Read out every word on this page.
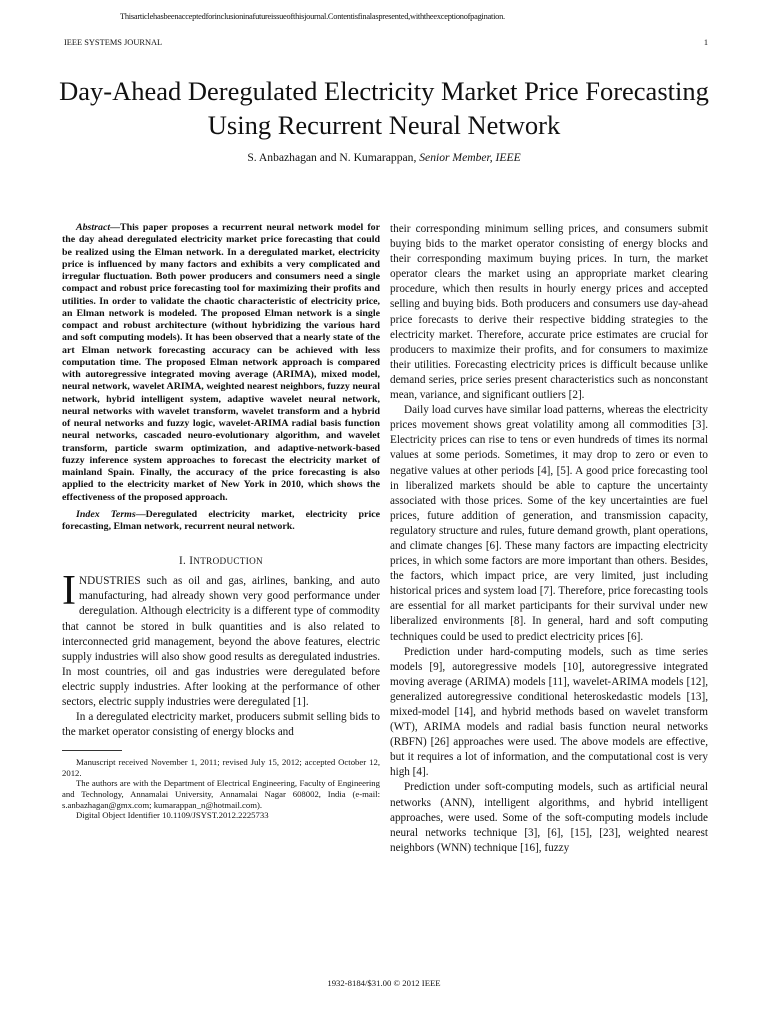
Thisarticlehasbeenacceptedforinclusioninafutureissueofthisjournal.Contentisfinalaspresented,withtheexceptionofpagination.
IEEE SYSTEMS JOURNAL	1
Day-Ahead Deregulated Electricity Market Price Forecasting Using Recurrent Neural Network
S. Anbazhagan and N. Kumarappan, Senior Member, IEEE

Abstract—This paper proposes a recurrent neural network model for the day ahead deregulated electricity market price forecasting that could be realized using the Elman network. In a deregulated market, electricity price is influenced by many factors and exhibits a very complicated and irregular fluctuation. Both power producers and consumers need a single compact and robust price forecasting tool for maximizing their profits and utilities. In order to validate the chaotic characteristic of electricity price, an Elman network is modeled. The proposed Elman network is a single compact and robust architecture (without hybridizing the various hard and soft computing models). It has been observed that a nearly state of the art Elman network forecasting accuracy can be achieved with less computation time. The proposed Elman network approach is compared with autoregressive integrated moving average (ARIMA), mixed model, neural network, wavelet ARIMA, weighted nearest neighbors, fuzzy neural network, hybrid intelligent system, adaptive wavelet neural network, neural networks with wavelet transform, wavelet transform and a hybrid of neural networks and fuzzy logic, wavelet-ARIMA radial basis function neural networks, cascaded neuro-evolutionary algorithm, and wavelet transform, particle swarm optimization, and adaptive-network-based fuzzy inference system approaches to forecast the electricity market of mainland Spain. Finally, the accuracy of the price forecasting is also applied to the electricity market of New York in 2010, which shows the effectiveness of the proposed approach.

Index Terms—Deregulated electricity market, electricity price forecasting, Elman network, recurrent neural network.

I. INTRODUCTION

INDUSTRIES such as oil and gas, airlines, banking, and auto manufacturing, had already shown very good performance under deregulation. Although electricity is a different type of commodity that cannot be stored in bulk quantities and is also related to interconnected grid management, beyond the above features, electric supply industries will also show good results as deregulated industries. In most countries, oil and gas industries were deregulated before electric supply industries. After looking at the performance of other sectors, electric supply industries were deregulated [1].

In a deregulated electricity market, producers submit selling bids to the market operator consisting of energy blocks and

Manuscript received November 1, 2011; revised July 15, 2012; accepted October 12, 2012.

The authors are with the Department of Electrical Engineering, Faculty of Engineering and Technology, Annamalai University, Annamalai Nagar 608002, India (e-mail: s.anbazhagan@gmx.com; kumarappan_n@hotmail.com).

Digital Object Identifier 10.1109/JSYST.2012.2225733

their corresponding minimum selling prices, and consumers submit buying bids to the market operator consisting of energy blocks and their corresponding maximum buying prices. In turn, the market operator clears the market using an appropriate market clearing procedure, which then results in hourly energy prices and accepted selling and buying bids. Both producers and consumers use day-ahead price forecasts to derive their respective bidding strategies to the electricity market. Therefore, accurate price estimates are crucial for producers to maximize their profits, and for consumers to maximize their utilities. Forecasting electricity prices is difficult because unlike demand series, price series present characteristics such as nonconstant mean, variance, and significant outliers [2].

Daily load curves have similar load patterns, whereas the electricity prices movement shows great volatility among all commodities [3]. Electricity prices can rise to tens or even hundreds of times its normal values at some periods. Sometimes, it may drop to zero or even to negative values at other periods [4], [5]. A good price forecasting tool in liberalized markets should be able to capture the uncertainty associated with those prices. Some of the key uncertainties are fuel prices, future addition of generation, and transmission capacity, regulatory structure and rules, future demand growth, plant operations, and climate changes [6]. These many factors are impacting electricity prices, in which some factors are more important than others. Besides, the factors, which impact price, are very limited, just including historical prices and system load [7]. Therefore, price forecasting tools are essential for all market participants for their survival under new liberalized environments [8]. In general, hard and soft computing techniques could be used to predict electricity prices [6].

Prediction under hard-computing models, such as time series models [9], autoregressive models [10], autoregressive integrated moving average (ARIMA) models [11], wavelet-ARIMA models [12], generalized autoregressive conditional heteroskedastic models [13], mixed-model [14], and hybrid methods based on wavelet transform (WT), ARIMA models and radial basis function neural networks (RBFN) [26] approaches were used. The above models are effective, but it requires a lot of information, and the computational cost is very high [4].

Prediction under soft-computing models, such as artificial neural networks (ANN), intelligent algorithms, and hybrid intelligent approaches, were used. Some of the soft-computing models include neural networks technique [3], [6], [15], [23], weighted nearest neighbors (WNN) technique [16], fuzzy

1932-8184/$31.00 © 2012 IEEE
